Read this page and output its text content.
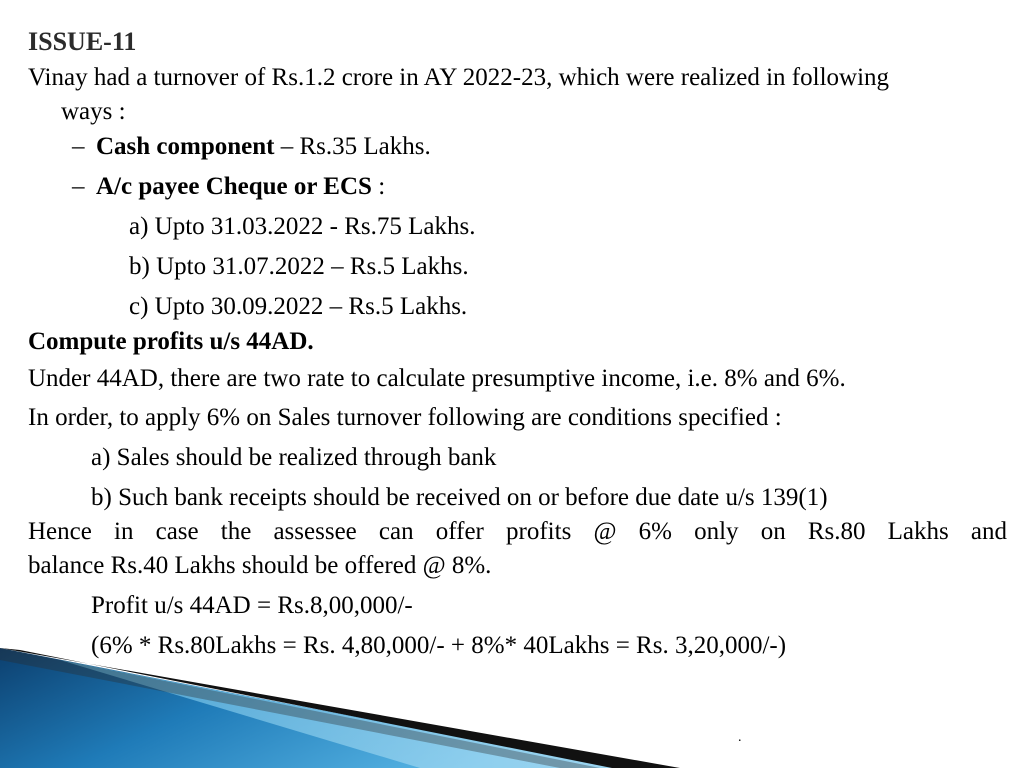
ISSUE-11
Vinay had a turnover of Rs.1.2 crore in AY 2022-23, which were realized in following
ways :
– Cash component – Rs.35 Lakhs.
– A/c payee Cheque or ECS :
a) Upto 31.03.2022 - Rs.75 Lakhs.
b) Upto 31.07.2022 – Rs.5 Lakhs.
c) Upto 30.09.2022 – Rs.5 Lakhs.
Compute profits u/s 44AD.
Under 44AD, there are two rate to calculate presumptive income, i.e. 8% and 6%.
In order, to apply 6% on Sales turnover following are conditions specified :
a) Sales should be realized through bank
b) Such bank receipts should be received on or before due date u/s 139(1)
Hence in case the assessee can offer profits @ 6% only on Rs.80 Lakhs and
balance Rs.40 Lakhs should be offered @ 8%.
Profit u/s 44AD = Rs.8,00,000/-
(6% * Rs.80Lakhs = Rs. 4,80,000/- + 8%* 40Lakhs = Rs. 3,20,000/-)
.
